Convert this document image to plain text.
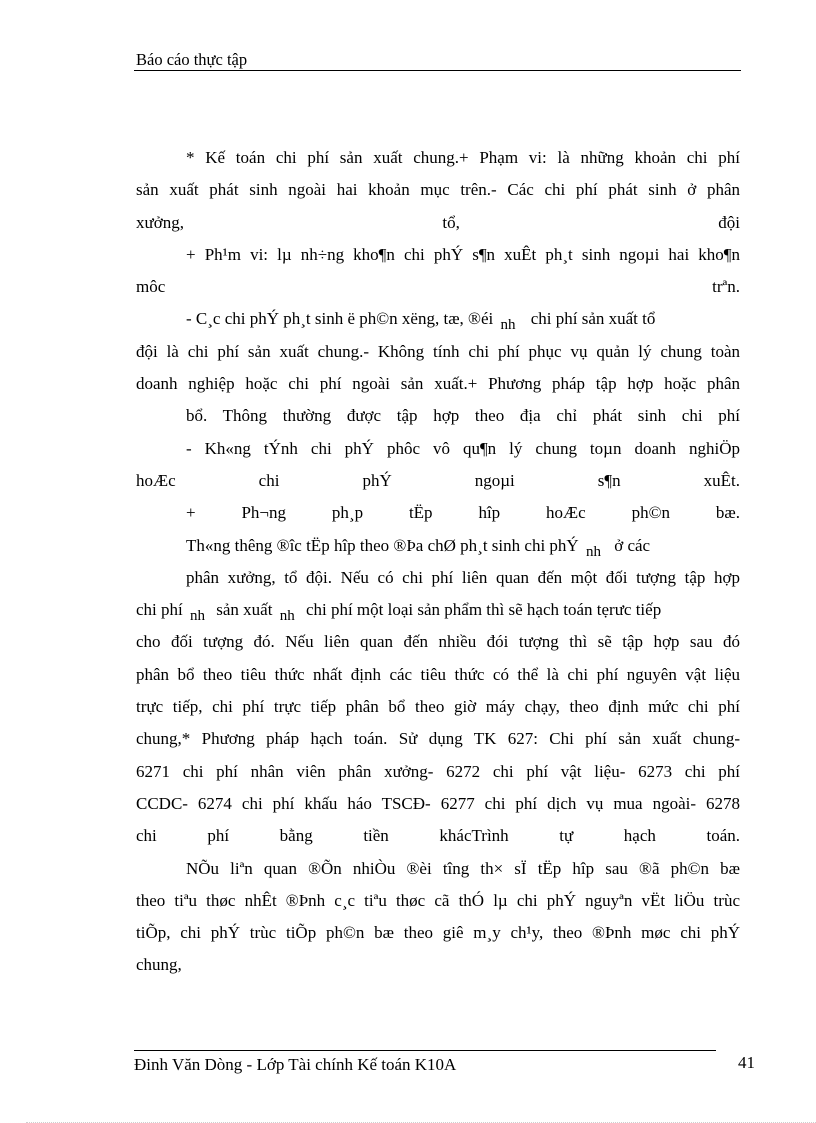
Báo cáo thực tập
* Kế toán chi phí sản xuất chung.+ Phạm vi: là những khoản chi phí
sản xuất phát sinh ngoài hai khoản mục trên.- Các chi phí phát sinh ở phân
xưởng, tổ, đội
+ Ph¹m vi: lµ nh÷ng kho¶n chi phÝ s¶n xuÊt ph¸t sinh ngoµi hai kho¶n
môc	trªn.
- C¸c chi phÝ ph¸t sinh ë ph©n xëng, tæ, ®éi nh chi phí sản xuất tổ
đội là chi phí sản xuất chung.- Không tính chi phí phục vụ quản lý chung toàn
doanh nghiệp hoặc chi phí ngoài sản xuất.+ Phương pháp tập hợp hoặc phân
bổ. Thông thường được tập hợp theo địa chỉ phát sinh chi phí
- Kh«ng tÝnh chi phÝ phôc vô qu¶n lý chung toµn doanh nghiÖp
hoÆc chi phÝ ngoµi s¶n xuÊt.
+ Ph¬ng ph¸p tËp hîp hoÆc ph©n bæ.
Th«ng thêng ®îc tËp hîp theo ®Þa chØ ph¸t sinh chi phÝ nh ở các
phân xưởng, tổ đội. Nếu có chi phí liên quan đến một đối tượng tập hợp
chi phí nh sản xuất nh chi phí một loại sản phẩm thì sẽ hạch toán tẹrưc tiếp
cho đối tượng đó. Nếu liên quan đến nhiều đói tượng thì sẽ tập hợp sau đó
phân bổ theo tiêu thức nhất định các tiêu thức có thể là chi phí nguyên vật liệu
trực tiếp, chi phí trực tiếp phân bổ theo giờ máy chạy, theo định mức chi phí
chung,* Phương pháp hạch toán. Sử dụng TK 627: Chi phí sản xuất chung-
6271 chi phí nhân viên phân xưởng- 6272 chi phí vật liệu- 6273 chi phí
CCDC- 6274 chi phí khấu háo TSCĐ- 6277 chi phí dịch vụ mua ngoài- 6278
chi phí bằng tiền khácTrình tự hạch toán.
NÕu liªn quan ®Õn nhiÒu ®èi tîng th× sÏ tËp hîp sau ®ã ph©n bæ
theo tiªu thøc nhÊt ®Þnh c¸c tiªu thøc cã thÓ lµ chi phÝ nguyªn vËt liÖu trùc
tiÕp, chi phÝ trùc tiÕp ph©n bæ theo giê m¸y ch¹y, theo ®Þnh møc chi phÝ
chung,
Đinh Văn Dòng - Lớp Tài chính Kế toán K10A	41
